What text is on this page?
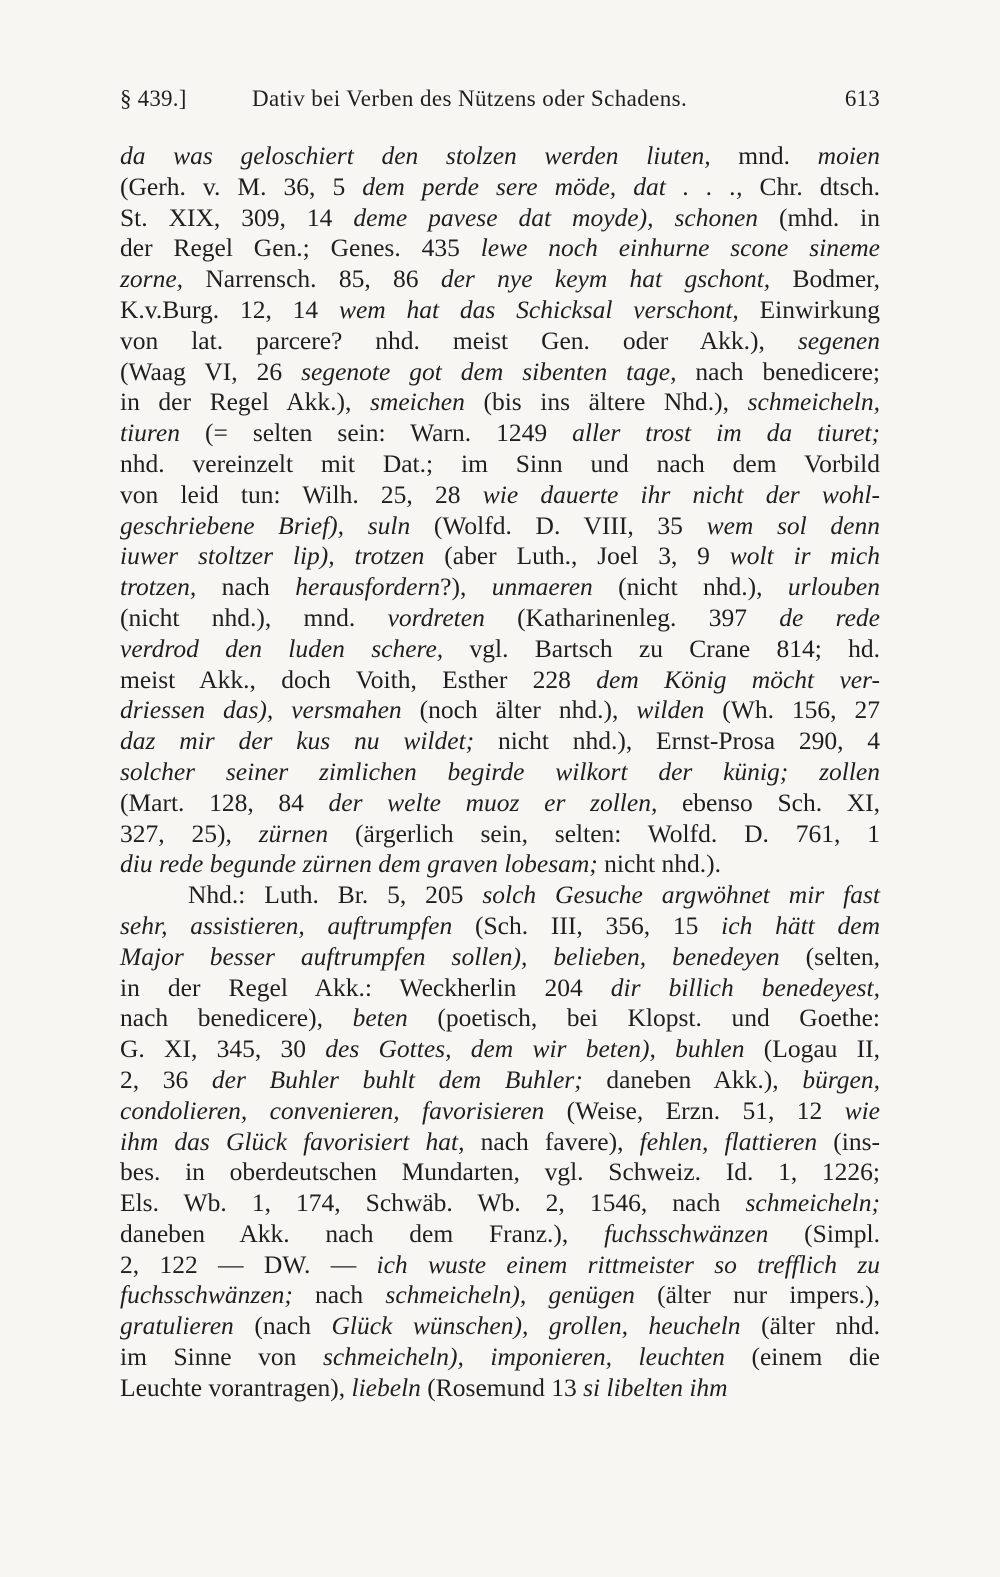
§ 439.]	Dativ bei Verben des Nützens oder Schadens.	613
da was geloschiert den stolzen werden liuten, mnd. moien
(Gerh. v. M. 36, 5 dem perde sere möde, dat . . ., Chr. dtsch.
St. XIX, 309, 14 deme pavese dat moyde), schonen (mhd. in
der Regel Gen.; Genes. 435 lewe noch einhurne scone sineme
zorne, Narrensch. 85, 86 der nye keym hat gschont, Bodmer,
K.v.Burg. 12, 14 wem hat das Schicksal verschont, Einwirkung
von lat. parcere? nhd. meist Gen. oder Akk.), segenen
(Waag VI, 26 segenote got dem sibenten tage, nach benedicere;
in der Regel Akk.), smeichen (bis ins ältere Nhd.), schmeicheln,
tiuren (= selten sein: Warn. 1249 aller trost im da tiuret;
nhd. vereinzelt mit Dat.; im Sinn und nach dem Vorbild
von leid tun: Wilh. 25, 28 wie dauerte ihr nicht der wohl-
geschriebene Brief), suln (Wolfd. D. VIII, 35 wem sol denn
iuwer stoltzer lip), trotzen (aber Luth., Joel 3, 9 wolt ir mich
trotzen, nach herausfordern?), unmaeren (nicht nhd.), urlouben
(nicht nhd.), mnd. vordreten (Katharinenleg. 397 de rede
verdrod den luden schere, vgl. Bartsch zu Crane 814; hd.
meist Akk., doch Voith, Esther 228 dem König möcht ver-
driessen das), versmahen (noch älter nhd.), wilden (Wh. 156, 27
daz mir der kus nu wildet; nicht nhd.), Ernst-Prosa 290, 4
solcher seiner zimlichen begirde wilkort der künig; zollen
(Mart. 128, 84 der welte muoz er zollen, ebenso Sch. XI,
327, 25), zürnen (ärgerlich sein, selten: Wolfd. D. 761, 1
diu rede begunde zürnen dem graven lobesam; nicht nhd.).
Nhd.: Luth. Br. 5, 205 solch Gesuche argwöhnet mir fast
sehr, assistieren, auftrumpfen (Sch. III, 356, 15 ich hätt dem
Major besser auftrumpfen sollen), belieben, benedeyen (selten,
in der Regel Akk.: Weckherlin 204 dir billich benedeyest,
nach benedicere), beten (poetisch, bei Klopst. und Goethe:
G. XI, 345, 30 des Gottes, dem wir beten), buhlen (Logau II,
2, 36 der Buhler buhlt dem Buhler; daneben Akk.), bürgen,
condolieren, convenieren, favorisieren (Weise, Erzn. 51, 12 wie
ihm das Glück favorisiert hat, nach favere), fehlen, flattieren (ins-
bes. in oberdeutschen Mundarten, vgl. Schweiz. Id. 1, 1226;
Els. Wb. 1, 174, Schwäb. Wb. 2, 1546, nach schmeicheln;
daneben Akk. nach dem Franz.), fuchsschwänzen (Simpl.
2, 122 — DW. — ich wuste einem rittmeister so trefflich zu
fuchsschwänzen; nach schmeicheln), genügen (älter nur impers.),
gratulieren (nach Glück wünschen), grollen, heucheln (älter nhd.
im Sinne von schmeicheln), imponieren, leuchten (einem die
Leuchte vorantragen), liebeln (Rosemund 13 si libelten ihm
